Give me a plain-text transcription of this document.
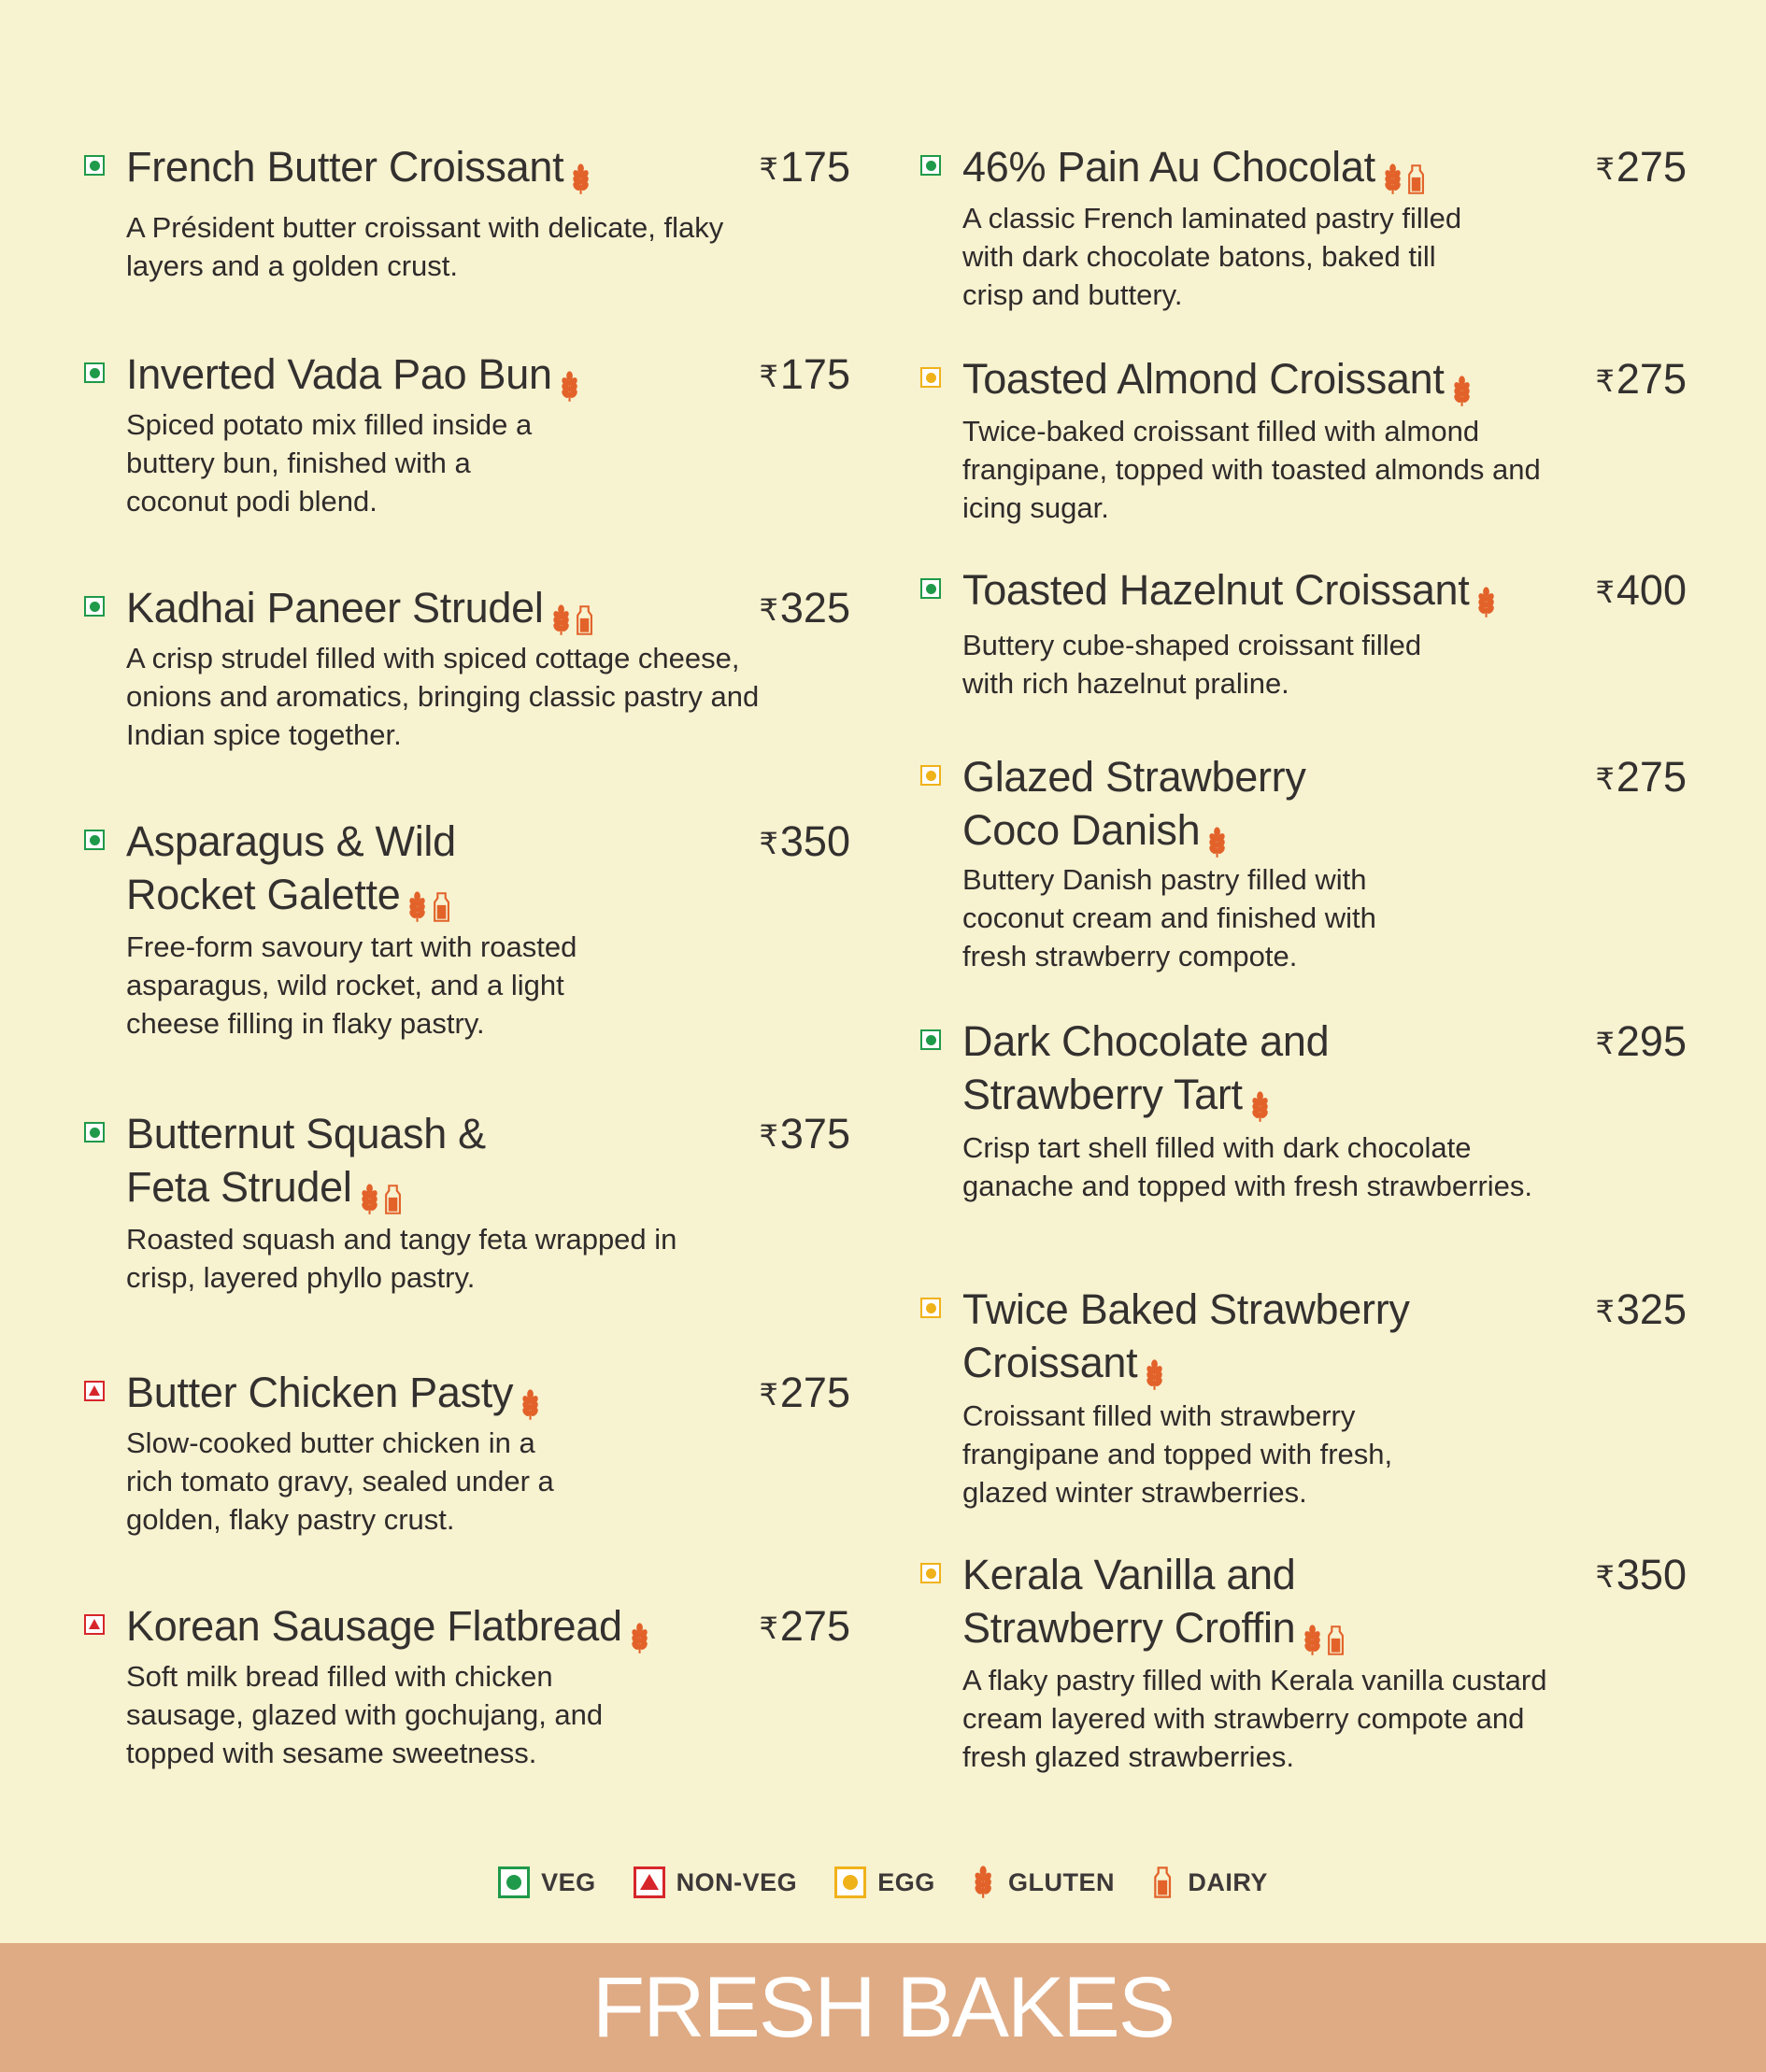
French Butter Croissant	₹175
A Président butter croissant with delicate, flaky layers and a golden crust.
Inverted Vada Pao Bun	₹175
Spiced potato mix filled inside a buttery bun, finished with a coconut podi blend.
Kadhai Paneer Strudel	₹325
A crisp strudel filled with spiced cottage cheese, onions and aromatics, bringing classic pastry and Indian spice together.
Asparagus & Wild Rocket Galette
₹350
Free-form savoury tart with roasted asparagus, wild rocket, and a light cheese filling in flaky pastry.
Butternut Squash & Feta Strudel
₹375
Roasted squash and tangy feta wrapped in crisp, layered phyllo pastry.
Butter Chicken Pasty	₹275
Slow-cooked butter chicken in a rich tomato gravy, sealed under a golden, flaky pastry crust.
Korean Sausage Flatbread	₹275
Soft milk bread filled with chicken sausage, glazed with gochujang, and topped with sesame sweetness.
46% Pain Au Chocolat	₹275
A classic French laminated pastry filled with dark chocolate batons, baked till crisp and buttery.
Toasted Almond Croissant	₹275
Twice-baked croissant filled with almond frangipane, topped with toasted almonds and icing sugar.
Toasted Hazelnut Croissant	₹400
Buttery cube-shaped croissant filled with rich hazelnut praline.
Glazed Strawberry Coco Danish
₹275
Buttery Danish pastry filled with coconut cream and finished with fresh strawberry compote.
Dark Chocolate and Strawberry Tart
₹295
Crisp tart shell filled with dark chocolate ganache and topped with fresh strawberries.
Twice Baked Strawberry Croissant
₹325
Croissant filled with strawberry frangipane and topped with fresh, glazed winter strawberries.
Kerala Vanilla and Strawberry Croffin
₹350
A flaky pastry filled with Kerala vanilla custard cream layered with strawberry compote and fresh glazed strawberries.
VEG	NON-VEG	EGG	GLUTEN	DAIRY
FRESH BAKES
